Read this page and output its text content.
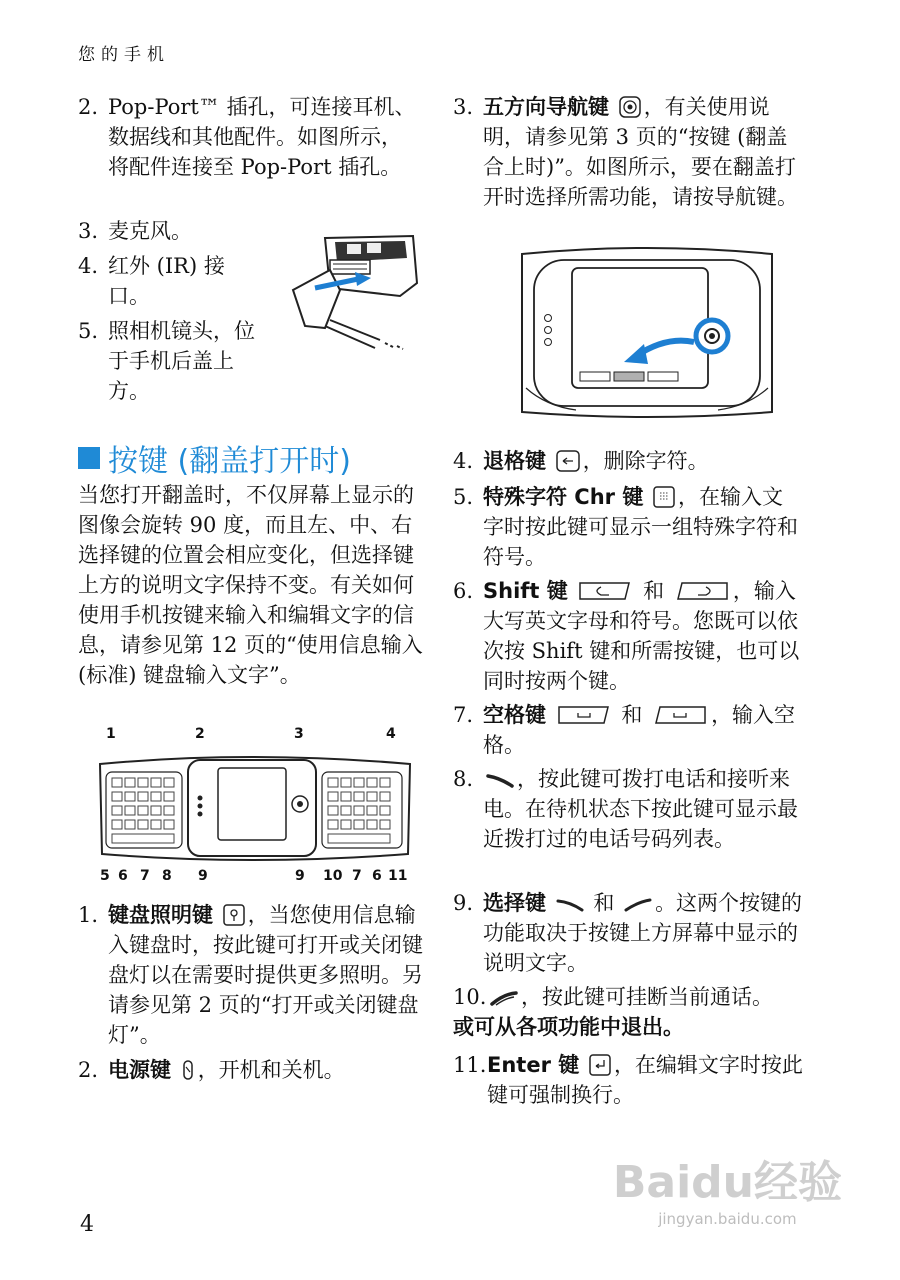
您的手机
2. Pop-Port™ 插孔，可连接耳机、数据线和其他配件。如图所示，将配件连接至 Pop-Port 插孔。
3. 麦克风。
4. 红外 (IR) 接口。
5. 照相机镜头，位于手机后盖上方。
按键 (翻盖打开时)
当您打开翻盖时，不仅屏幕上显示的图像会旋转 90 度，而且左、中、右选择键的位置会相应变化，但选择键上方的说明文字保持不变。有关如何使用手机按键来输入和编辑文字的信息，请参见第 12 页的“使用信息输入 (标准) 键盘输入文字”。
1	2	3	4
5 6 7 8 9	9 10 7 6 11
1. 键盘照明键 ，当您使用信息输入键盘时，按此键可打开或关闭键盘灯以在需要时提供更多照明。另请参见第 2 页的“打开或关闭键盘灯”。
2. 电源键 ，开机和关机。
3. 五方向导航键 ，有关使用说明，请参见第 3 页的“按键 (翻盖合上时)”。如图所示，要在翻盖打开时选择所需功能，请按导航键。
4. 退格键 ，删除字符。
5. 特殊字符 Chr 键 ，在输入文字时按此键可显示一组特殊字符和符号。
6. Shift 键	和	，输入大写英文字母和符号。您既可以依次按 Shift 键和所需按键，也可以同时按两个键。
7. 空格键	和	，输入空格。
8.	，按此键可拨打电话和接听来电。在待机状态下按此键可显示最近拨打过的电话号码列表。
9. 选择键 和 。这两个按键的功能取决于按键上方屏幕中显示的说明文字。
10.	，按此键可挂断当前通话。
或可从各项功能中退出。
11. Enter 键 ，在编辑文字时按此键可强制换行。
Baidu经验
jingyan.baidu.com
4
